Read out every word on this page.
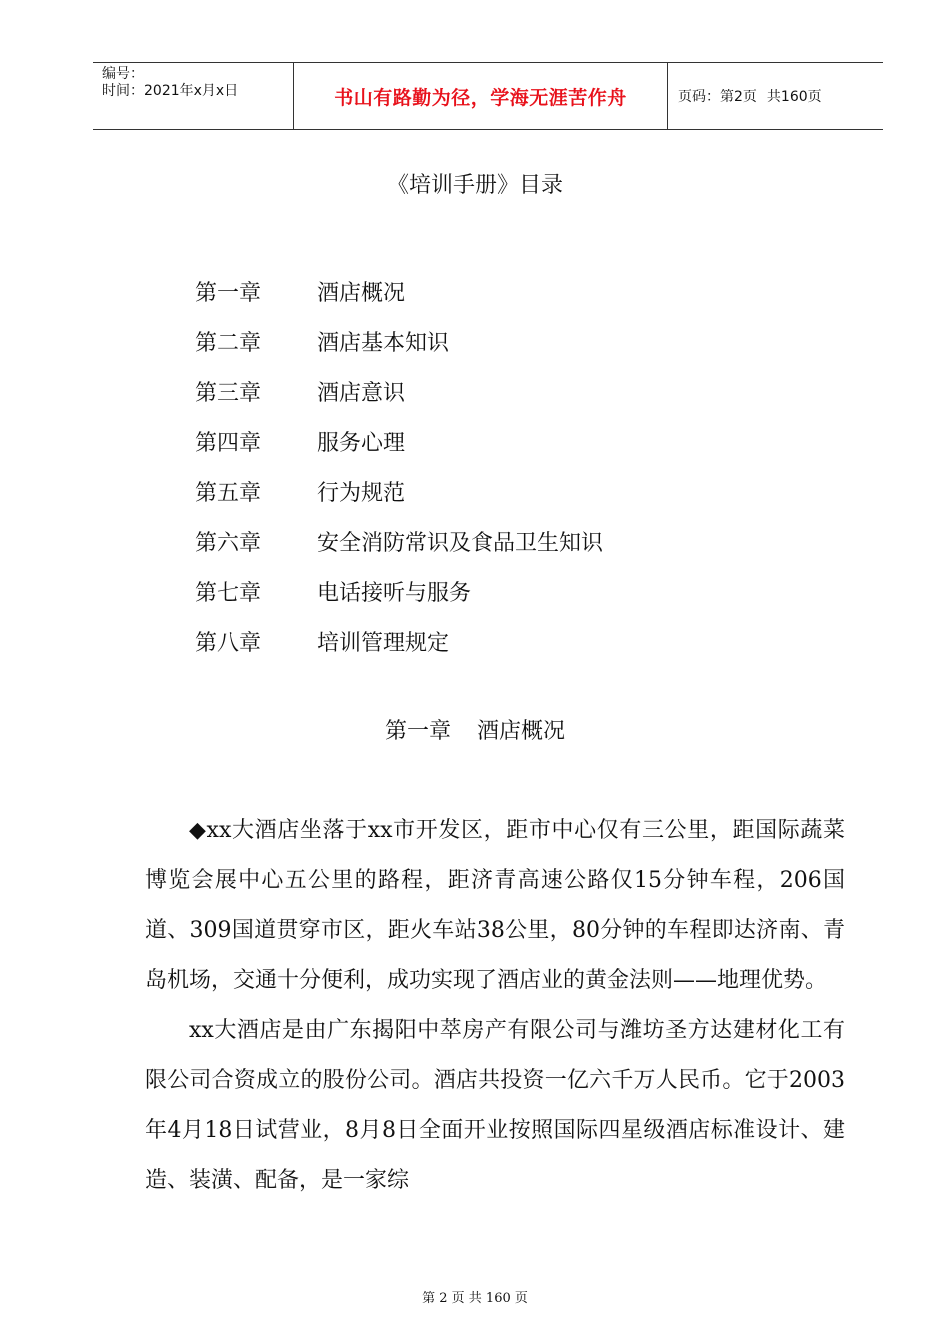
编号：
时间：2021年x月x日	书山有路勤为径，学海无涯苦作舟	页码：第2页 共160页
《培训手册》目录
第一章	酒店概况
第二章	酒店基本知识
第三章	酒店意识
第四章	服务心理
第五章	行为规范
第六章	安全消防常识及食品卫生知识
第七章	电话接听与服务
第八章	培训管理规定
第一章 酒店概况

◆xx大酒店坐落于xx市开发区，距市中心仅有三公里，距国际蔬菜博览会展中心五公里的路程，距济青高速公路仅15分钟车程，206国道、309国道贯穿市区，距火车站38公里，80分钟的车程即达济南、青岛机场，交通十分便利，成功实现了酒店业的黄金法则——地理优势。

xx大酒店是由广东揭阳中萃房产有限公司与潍坊圣方达建材化工有限公司合资成立的股份公司。酒店共投资一亿六千万人民币。它于2003年4月18日试营业，8月8日全面开业按照国际四星级酒店标准设计、建造、装潢、配备，是一家综

第 2 页 共 160 页
